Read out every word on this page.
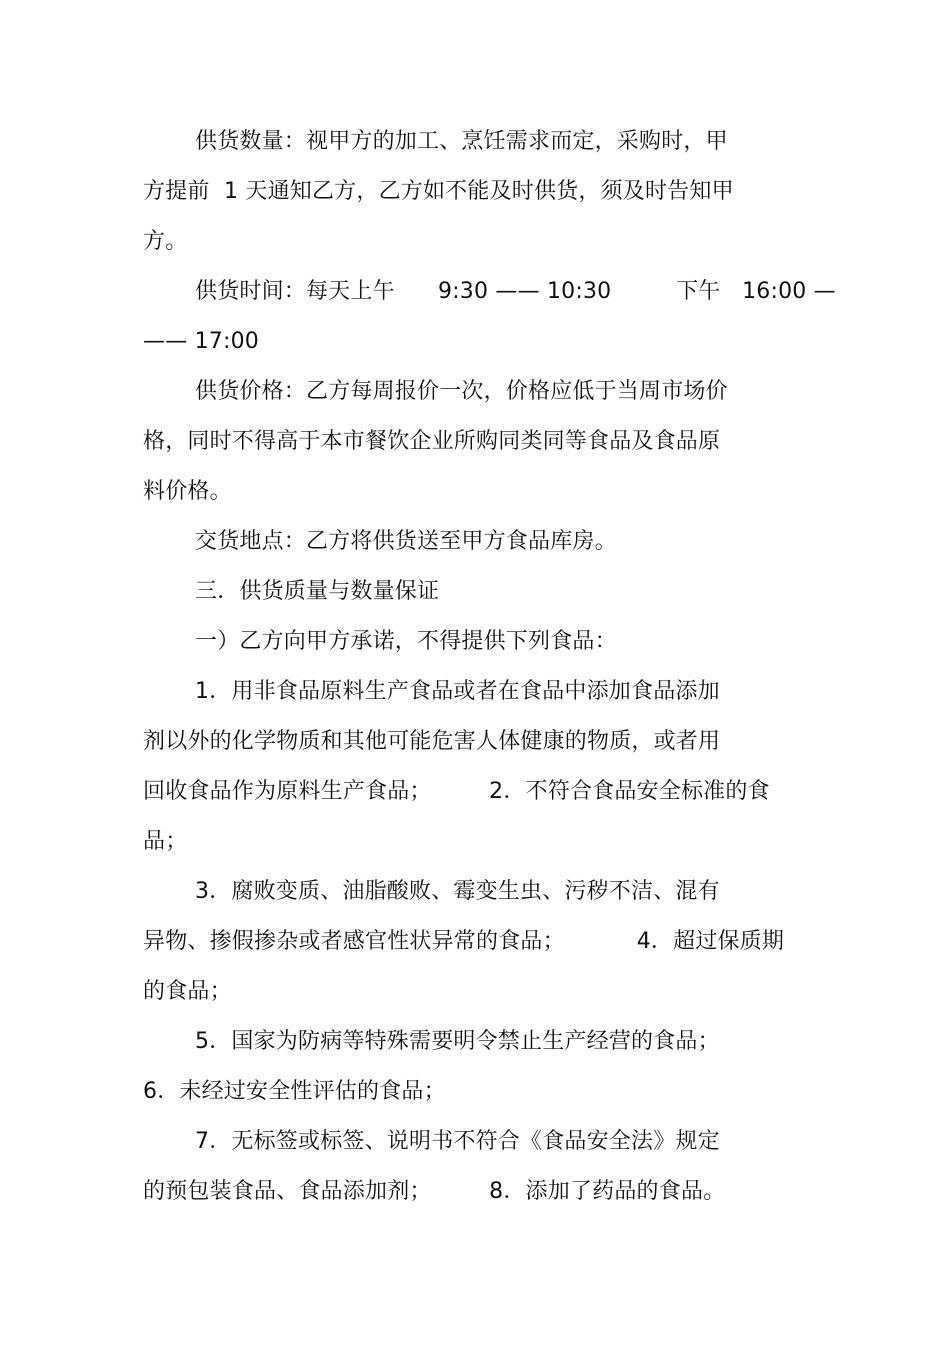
供货数量：视甲方的加工、烹饪需求而定，采购时，甲
方提前  1 天通知乙方，乙方如不能及时供货，须及时告知甲
方。
供货时间：每天上午      9:30 —— 10:30         下午   16:00 —
—— 17:00
供货价格：乙方每周报价一次，价格应低于当周市场价
格，同时不得高于本市餐饮企业所购同类同等食品及食品原
料价格。
交货地点：乙方将供货送至甲方食品库房。
三．供货质量与数量保证
一）乙方向甲方承诺，不得提供下列食品：
1．用非食品原料生产食品或者在食品中添加食品添加
剂以外的化学物质和其他可能危害人体健康的物质，或者用
回收食品作为原料生产食品；        2．不符合食品安全标准的食
品；
3．腐败变质、油脂酸败、霉变生虫、污秽不洁、混有
异物、掺假掺杂或者感官性状异常的食品；          4．超过保质期
的食品；
5．国家为防病等特殊需要明令禁止生产经营的食品；
6．未经过安全性评估的食品；
7．无标签或标签、说明书不符合《食品安全法》规定
的预包装食品、食品添加剂；        8．添加了药品的食品。
